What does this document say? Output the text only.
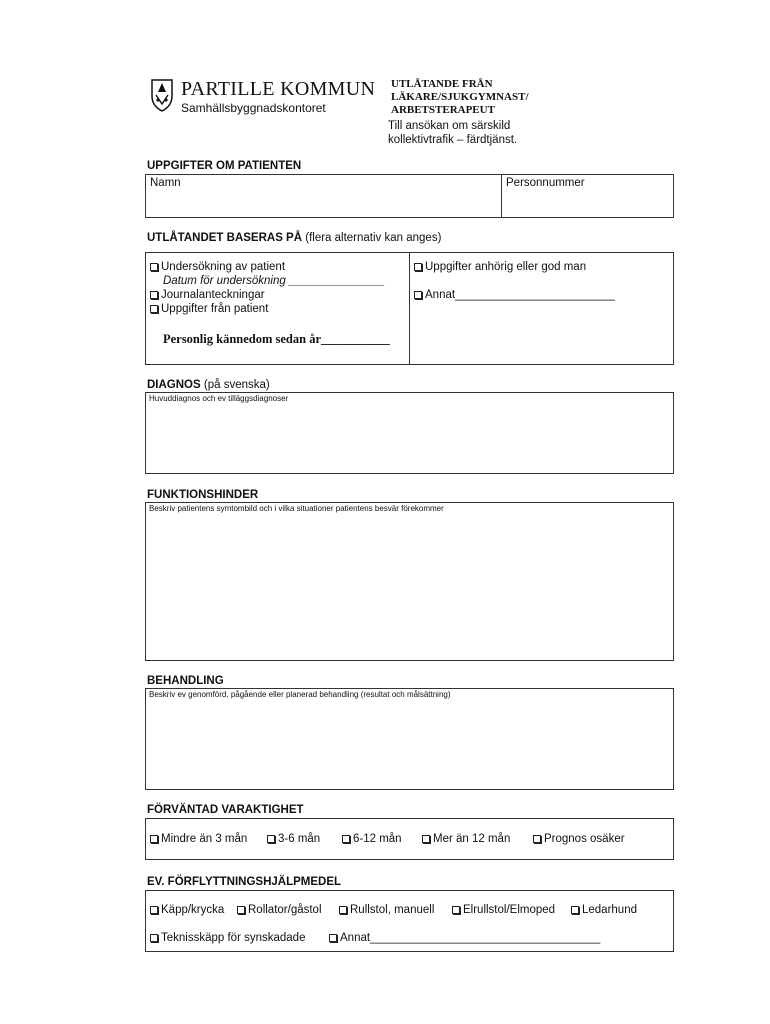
PARTILLE KOMMUN
Samhällsbyggnadskontoret
UTLÅTANDE FRÅN
LÄKARE/SJUKGYMNAST/
ARBETSTERAPEUT
Till ansökan om särskild
kollektivtrafik – färdtjänst.
UPPGIFTER OM PATIENTEN
Namn	Personnummer
UTLÅTANDET BASERAS PÅ (flera alternativ kan anges)
Undersökning av patient
Datum för undersökning _______________
Journalanteckningar
Uppgifter från patient
Personlig kännedom sedan år___________
Uppgifter anhörig eller god man
Annat_________________________
DIAGNOS (på svenska)
Huvuddiagnos och ev tilläggsdiagnoser
FUNKTIONSHINDER
Beskriv patientens symtombild och i vilka situationer patientens besvär förekommer
BEHANDLING
Beskriv ev genomförd, pågående eller planerad behandling (resultat och målsättning)
FÖRVÄNTAD VARAKTIGHET
Mindre än 3 mån	3-6 mån	6-12 mån	Mer än 12 mån	Prognos osäker
EV. FÖRFLYTTNINGSHJÄLPMEDEL
Käpp/krycka	Rollator/gåstol	Rullstol, manuell	Elrullstol/Elmoped	Ledarhund
Teknisskäpp för synskadade	Annat____________________________________
